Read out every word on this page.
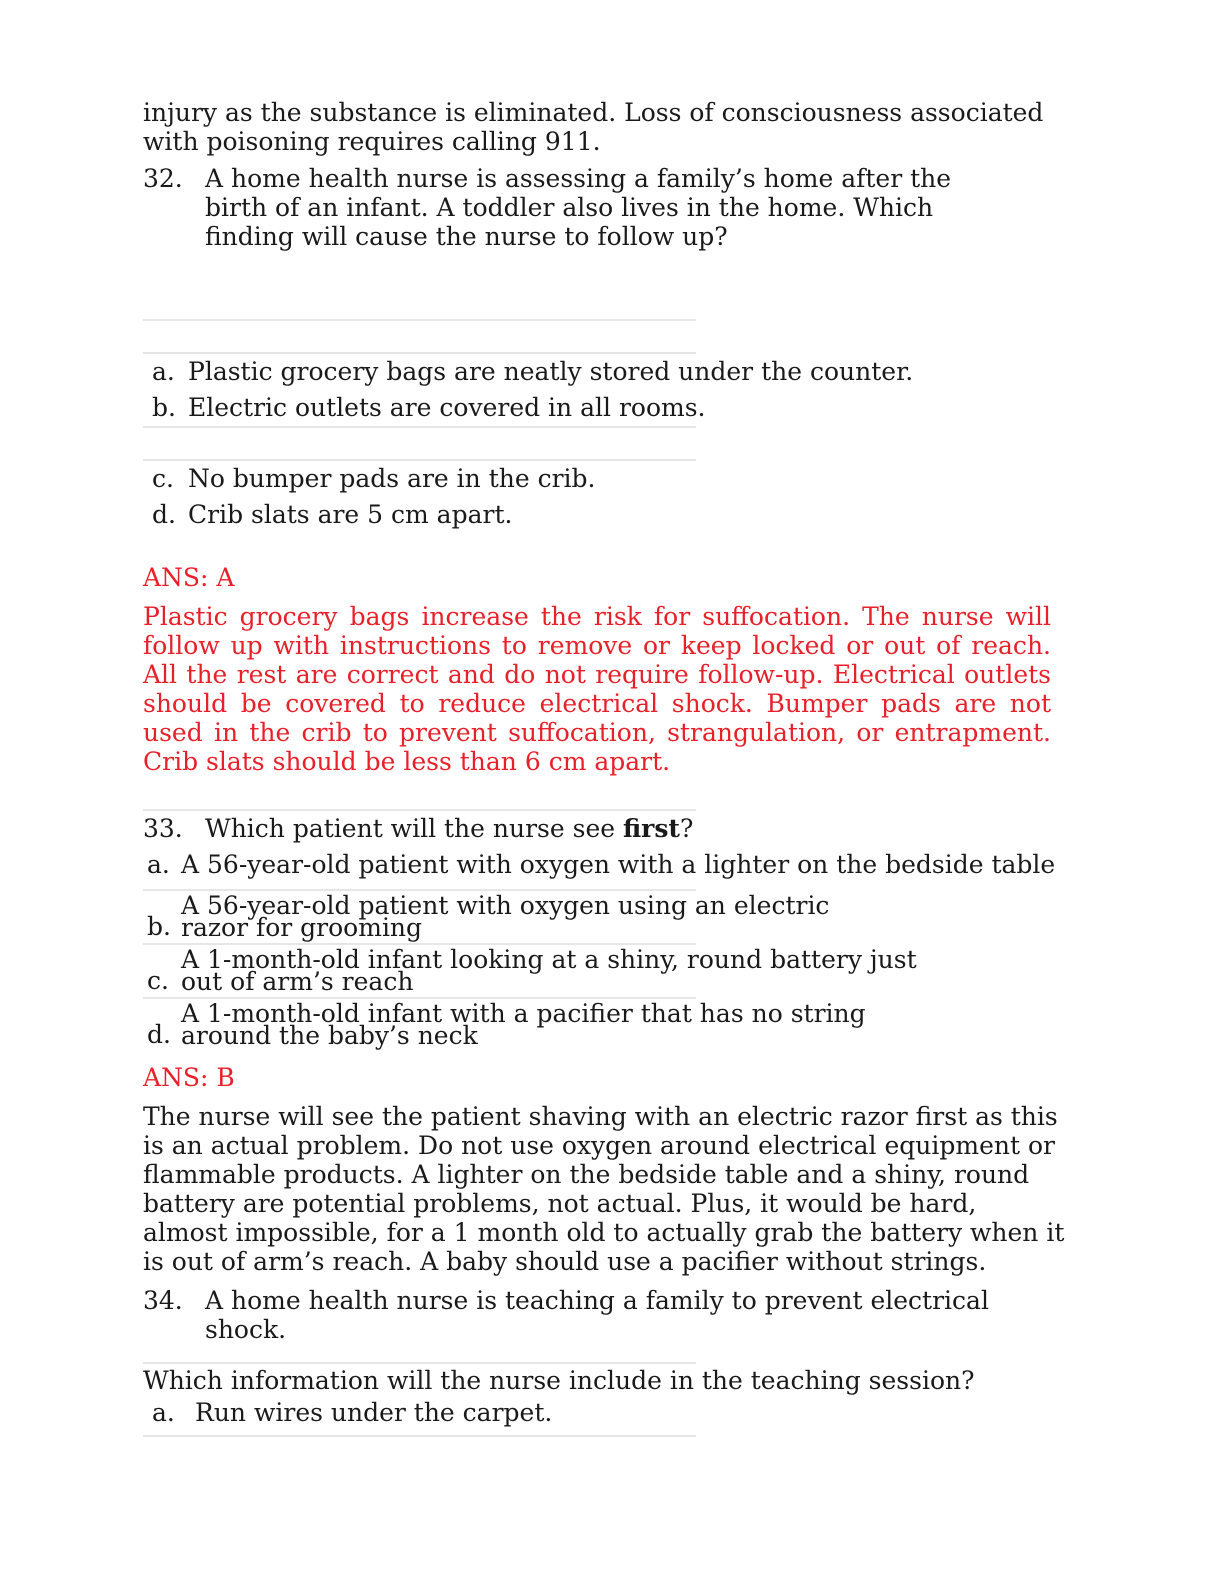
injury as the substance is eliminated. Loss of consciousness associated with poisoning requires calling 911.

32. A home health nurse is assessing a family’s home after the birth of an infant. A toddler also lives in the home. Which finding will cause the nurse to follow up?
a. Plastic grocery bags are neatly stored under the counter.
b. Electric outlets are covered in all rooms.
c. No bumper pads are in the crib.
d. Crib slats are 5 cm apart.

ANS: A

Plastic grocery bags increase the risk for suffocation. The nurse will follow up with instructions to remove or keep locked or out of reach. All the rest are correct and do not require follow-up. Electrical outlets should be covered to reduce electrical shock. Bumper pads are not used in the crib to prevent suffocation, strangulation, or entrapment. Crib slats should be less than 6 cm apart.

33. Which patient will the nurse see first?
a. A 56-year-old patient with oxygen with a lighter on the bedside table
b.
A 56-year-old patient with oxygen using an electric razor for grooming
c.
A 1-month-old infant looking at a shiny, round battery just out of arm’s reach
d.
A 1-month-old infant with a pacifier that has no string around the baby’s neck

ANS: B

The nurse will see the patient shaving with an electric razor first as this is an actual problem. Do not use oxygen around electrical equipment or flammable products. A lighter on the bedside table and a shiny, round battery are potential problems, not actual. Plus, it would be hard, almost impossible, for a 1 month old to actually grab the battery when it is out of arm’s reach. A baby should use a pacifier without strings.

34. A home health nurse is teaching a family to prevent electrical shock.

Which information will the nurse include in the teaching session?

a. Run wires under the carpet.
